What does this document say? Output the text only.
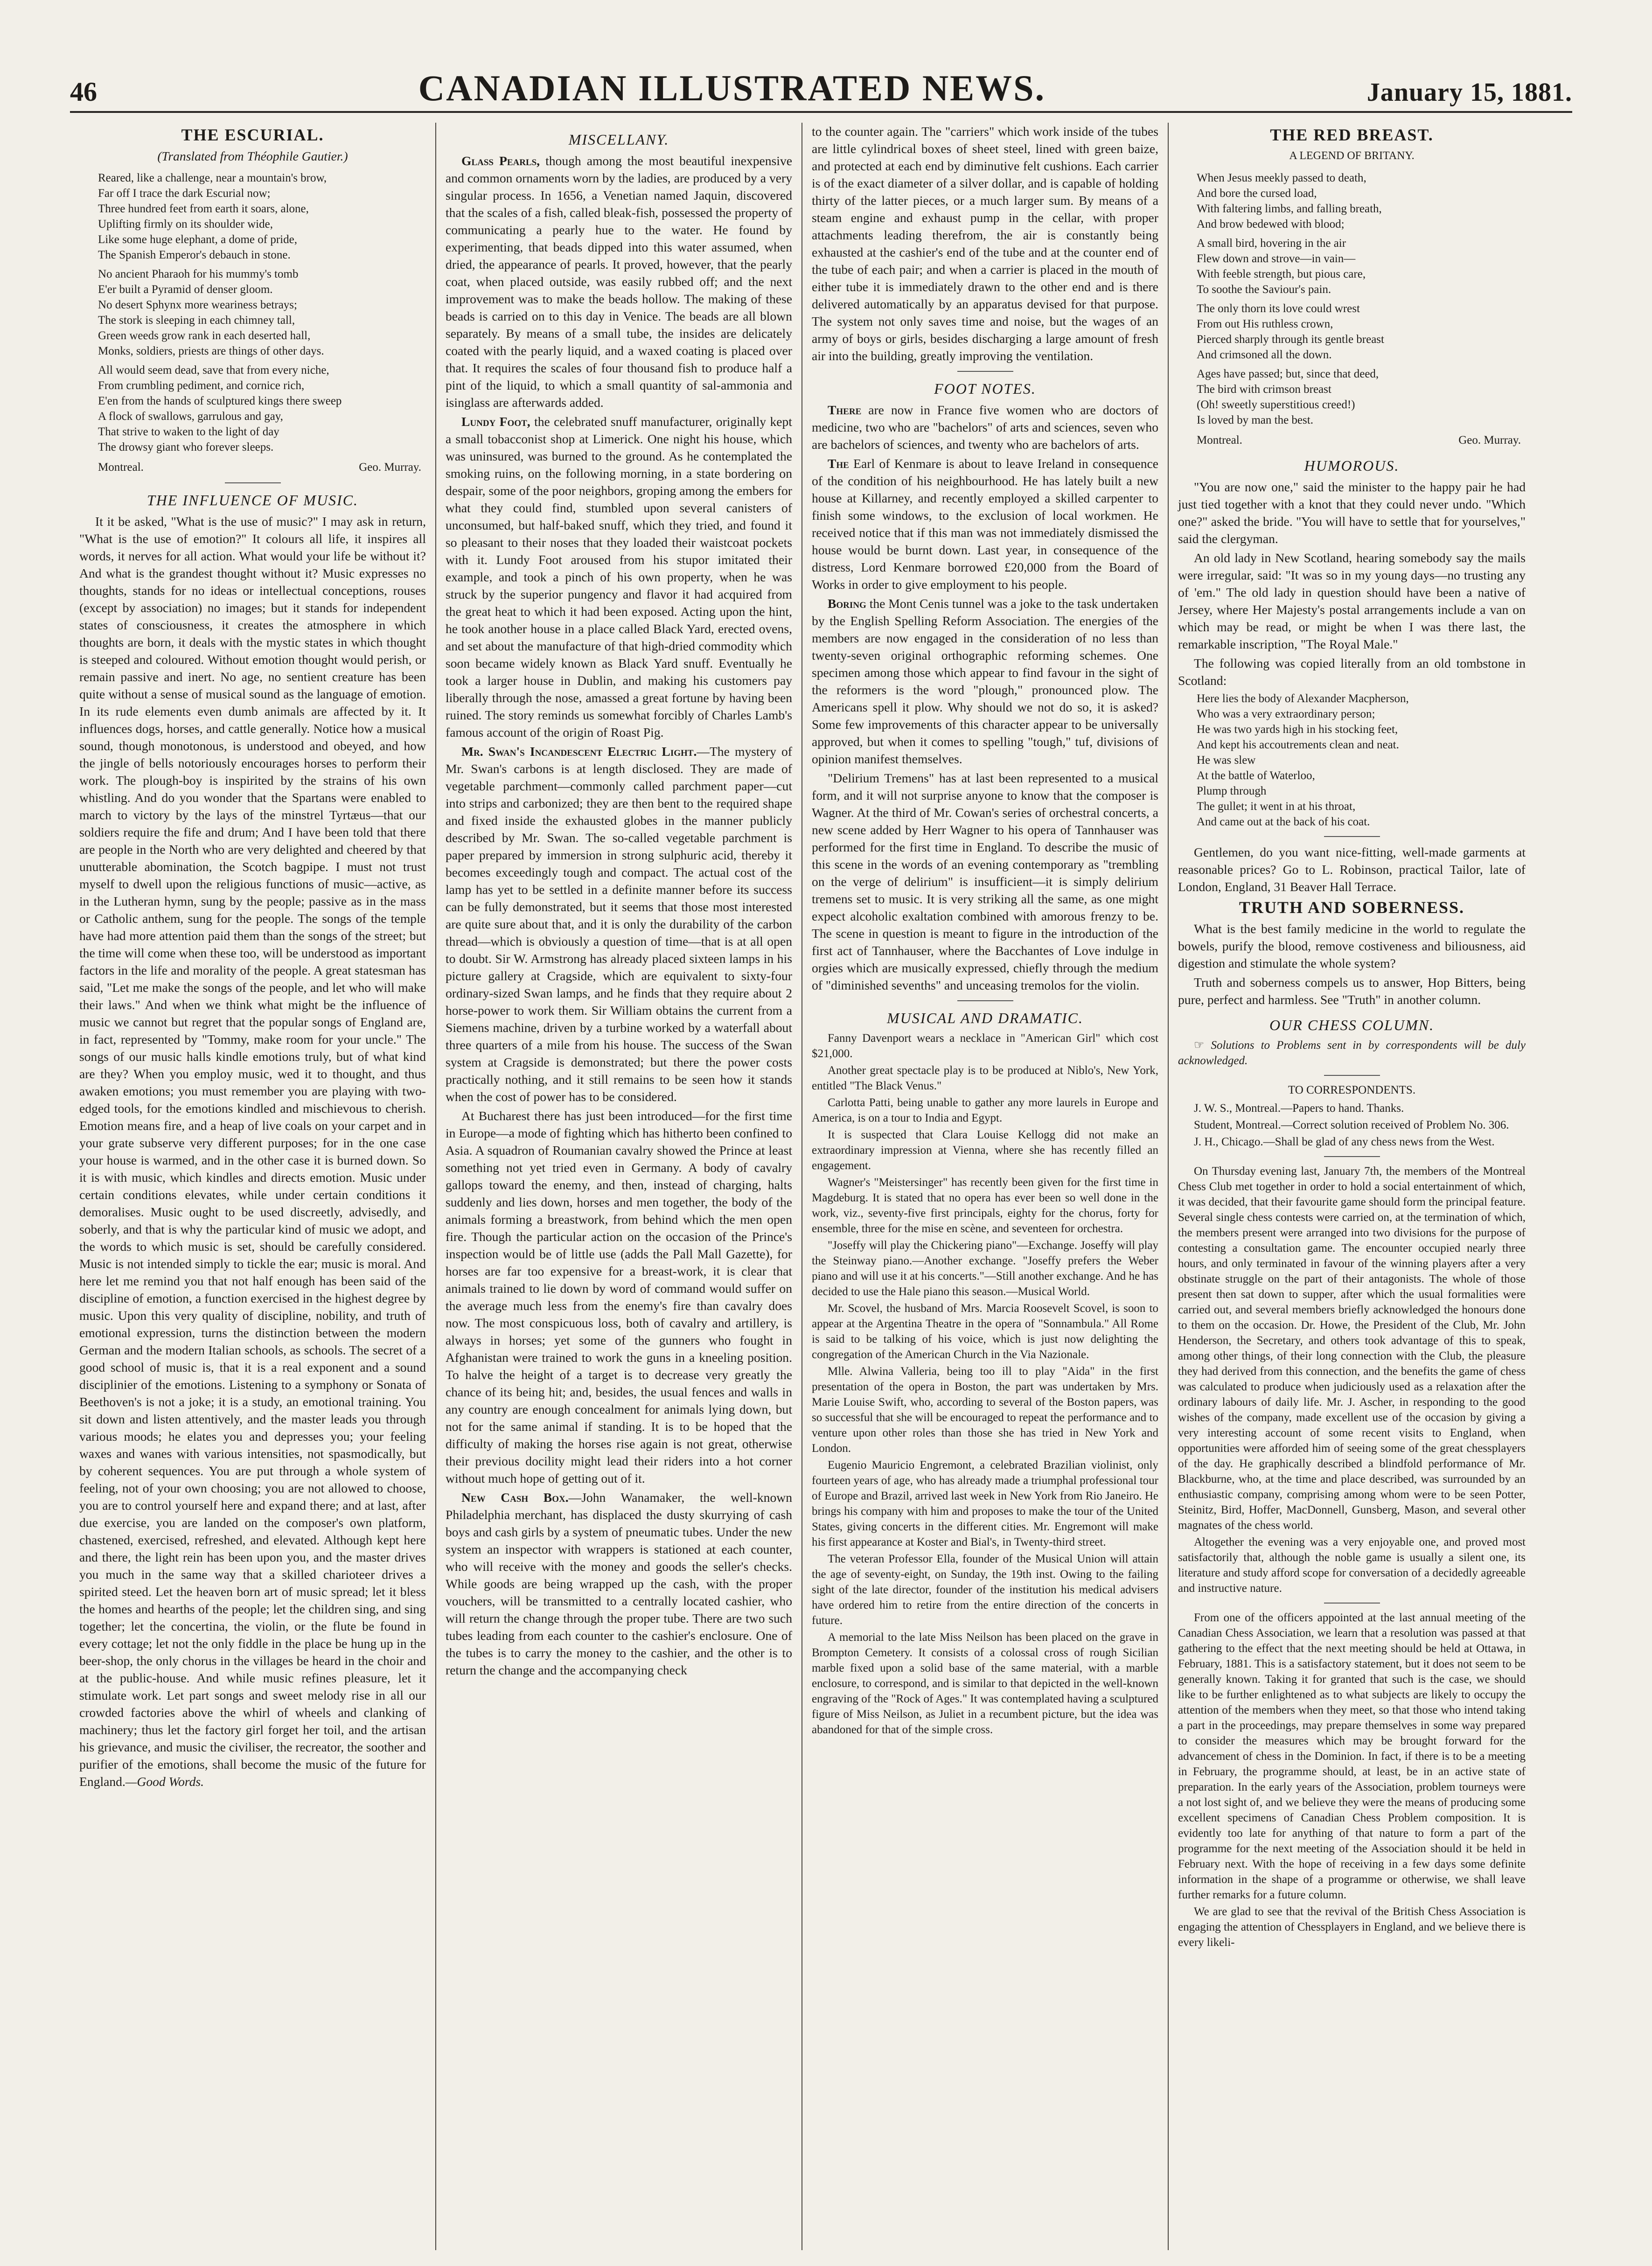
46	CANADIAN ILLUSTRATED NEWS.	January 15, 1881.
THE ESCURIAL.
(Translated from Théophile Gautier.)
Reared, like a challenge, near a mountain's brow,
Far off I trace the dark Escurial now;
Three hundred feet from earth it soars, alone,
Uplifting firmly on its shoulder wide,
Like some huge elephant, a dome of pride,
The Spanish Emperor's debauch in stone.
No ancient Pharaoh for his mummy's tomb
E'er built a Pyramid of denser gloom.
No desert Sphynx more weariness betrays;
The stork is sleeping in each chimney tall,
Green weeds grow rank in each deserted hall,
Monks, soldiers, priests are things of other days.
All would seem dead, save that from every niche,
From crumbling pediment, and cornice rich,
E'en from the hands of sculptured kings there sweep
A flock of swallows, garrulous and gay,
That strive to waken to the light of day
The drowsy giant who forever sleeps.
Montreal.	Geo. Murray.
THE INFLUENCE OF MUSIC.

It it be asked, "What is the use of music?" I may ask in return, "What is the use of emotion?" It colours all life, it inspires all words, it nerves for all action. What would your life be without it? And what is the grandest thought without it? Music expresses no thoughts, stands for no ideas or intellectual conceptions, rouses (except by association) no images; but it stands for independent states of consciousness, it creates the atmosphere in which thoughts are born, it deals with the mystic states in which thought is steeped and coloured. Without emotion thought would perish, or remain passive and inert. No age, no sentient creature has been quite without a sense of musical sound as the language of emotion. In its rude elements even dumb animals are affected by it. It influences dogs, horses, and cattle generally. Notice how a musical sound, though monotonous, is understood and obeyed, and how the jingle of bells notoriously encourages horses to perform their work. The plough-boy is inspirited by the strains of his own whistling. And do you wonder that the Spartans were enabled to march to victory by the lays of the minstrel Tyrtæus—that our soldiers require the fife and drum; And I have been told that there are people in the North who are very delighted and cheered by that unutterable abomination, the Scotch bagpipe. I must not trust myself to dwell upon the religious functions of music—active, as in the Lutheran hymn, sung by the people; passive as in the mass or Catholic anthem, sung for the people. The songs of the temple have had more attention paid them than the songs of the street; but the time will come when these too, will be understood as important factors in the life and morality of the people. A great statesman has said, "Let me make the songs of the people, and let who will make their laws." And when we think what might be the influence of music we cannot but regret that the popular songs of England are, in fact, represented by "Tommy, make room for your uncle." The songs of our music halls kindle emotions truly, but of what kind are they? When you employ music, wed it to thought, and thus awaken emotions; you must remember you are playing with two-edged tools, for the emotions kindled and mischievous to cherish. Emotion means fire, and a heap of live coals on your carpet and in your grate subserve very different purposes; for in the one case your house is warmed, and in the other case it is burned down. So it is with music, which kindles and directs emotion. Music under certain conditions elevates, while under certain conditions it demoralises. Music ought to be used discreetly, advisedly, and soberly, and that is why the particular kind of music we adopt, and the words to which music is set, should be carefully considered. Music is not intended simply to tickle the ear; music is moral. And here let me remind you that not half enough has been said of the discipline of emotion, a function exercised in the highest degree by music. Upon this very quality of discipline, nobility, and truth of emotional expression, turns the distinction between the modern German and the modern Italian schools, as schools. The secret of a good school of music is, that it is a real exponent and a sound disciplinier of the emotions. Listening to a symphony or Sonata of Beethoven's is not a joke; it is a study, an emotional training. You sit down and listen attentively, and the master leads you through various moods; he elates you and depresses you; your feeling waxes and wanes with various intensities, not spasmodically, but by coherent sequences. You are put through a whole system of feeling, not of your own choosing; you are not allowed to choose, you are to control yourself here and expand there; and at last, after due exercise, you are landed on the composer's own platform, chastened, exercised, refreshed, and elevated. Although kept here and there, the light rein has been upon you, and the master drives you much in the same way that a skilled charioteer drives a spirited steed. Let the heaven born art of music spread; let it bless the homes and hearths of the people; let the children sing, and sing together; let the concertina, the violin, or the flute be found in every cottage; let not the only fiddle in the place be hung up in the beer-shop, the only chorus in the villages be heard in the choir and at the public-house. And while music refines pleasure, let it stimulate work. Let part songs and sweet melody rise in all our crowded factories above the whirl of wheels and clanking of machinery; thus let the factory girl forget her toil, and the artisan his grievance, and music the civiliser, the recreator, the soother and purifier of the emotions, shall become the music of the future for England.—Good Words.

MISCELLANY.

Glass Pearls, though among the most beautiful inexpensive and common ornaments worn by the ladies, are produced by a very singular process. In 1656, a Venetian named Jaquin, discovered that the scales of a fish, called bleak-fish, possessed the property of communicating a pearly hue to the water. He found by experimenting, that beads dipped into this water assumed, when dried, the appearance of pearls. It proved, however, that the pearly coat, when placed outside, was easily rubbed off; and the next improvement was to make the beads hollow. The making of these beads is carried on to this day in Venice. The beads are all blown separately. By means of a small tube, the insides are delicately coated with the pearly liquid, and a waxed coating is placed over that. It requires the scales of four thousand fish to produce half a pint of the liquid, to which a small quantity of sal-ammonia and isinglass are afterwards added.

Lundy Foot, the celebrated snuff manufacturer, originally kept a small tobacconist shop at Limerick. One night his house, which was uninsured, was burned to the ground. As he contemplated the smoking ruins, on the following morning, in a state bordering on despair, some of the poor neighbors, groping among the embers for what they could find, stumbled upon several canisters of unconsumed, but half-baked snuff, which they tried, and found it so pleasant to their noses that they loaded their waistcoat pockets with it. Lundy Foot aroused from his stupor imitated their example, and took a pinch of his own property, when he was struck by the superior pungency and flavor it had acquired from the great heat to which it had been exposed. Acting upon the hint, he took another house in a place called Black Yard, erected ovens, and set about the manufacture of that high-dried commodity which soon became widely known as Black Yard snuff. Eventually he took a larger house in Dublin, and making his customers pay liberally through the nose, amassed a great fortune by having been ruined. The story reminds us somewhat forcibly of Charles Lamb's famous account of the origin of Roast Pig.

Mr. Swan's Incandescent Electric Light.—The mystery of Mr. Swan's carbons is at length disclosed. They are made of vegetable parchment—commonly called parchment paper—cut into strips and carbonized; they are then bent to the required shape and fixed inside the exhausted globes in the manner publicly described by Mr. Swan. The so-called vegetable parchment is paper prepared by immersion in strong sulphuric acid, thereby it becomes exceedingly tough and compact. The actual cost of the lamp has yet to be settled in a definite manner before its success can be fully demonstrated, but it seems that those most interested are quite sure about that, and it is only the durability of the carbon thread—which is obviously a question of time—that is at all open to doubt. Sir W. Armstrong has already placed sixteen lamps in his picture gallery at Cragside, which are equivalent to sixty-four ordinary-sized Swan lamps, and he finds that they require about 2 horse-power to work them. Sir William obtains the current from a Siemens machine, driven by a turbine worked by a waterfall about three quarters of a mile from his house. The success of the Swan system at Cragside is demonstrated; but there the power costs practically nothing, and it still remains to be seen how it stands when the cost of power has to be considered.

At Bucharest there has just been introduced—for the first time in Europe—a mode of fighting which has hitherto been confined to Asia. A squadron of Roumanian cavalry showed the Prince at least something not yet tried even in Germany. A body of cavalry gallops toward the enemy, and then, instead of charging, halts suddenly and lies down, horses and men together, the body of the animals forming a breastwork, from behind which the men open fire. Though the particular action on the occasion of the Prince's inspection would be of little use (adds the Pall Mall Gazette), for horses are far too expensive for a breast-work, it is clear that animals trained to lie down by word of command would suffer on the average much less from the enemy's fire than cavalry does now. The most conspicuous loss, both of cavalry and artillery, is always in horses; yet some of the gunners who fought in Afghanistan were trained to work the guns in a kneeling position. To halve the height of a target is to decrease very greatly the chance of its being hit; and, besides, the usual fences and walls in any country are enough concealment for animals lying down, but not for the same animal if standing. It is to be hoped that the difficulty of making the horses rise again is not great, otherwise their previous docility might lead their riders into a hot corner without much hope of getting out of it.

New Cash Box.—John Wanamaker, the well-known Philadelphia merchant, has displaced the dusty skurrying of cash boys and cash girls by a system of pneumatic tubes. Under the new system an inspector with wrappers is stationed at each counter, who will receive with the money and goods the seller's checks. While goods are being wrapped up the cash, with the proper vouchers, will be transmitted to a centrally located cashier, who will return the change through the proper tube. There are two such tubes leading from each counter to the cashier's enclosure. One of the tubes is to carry the money to the cashier, and the other is to return the change and the accompanying check

to the counter again. The "carriers" which work inside of the tubes are little cylindrical boxes of sheet steel, lined with green baize, and protected at each end by diminutive felt cushions. Each carrier is of the exact diameter of a silver dollar, and is capable of holding thirty of the latter pieces, or a much larger sum. By means of a steam engine and exhaust pump in the cellar, with proper attachments leading therefrom, the air is constantly being exhausted at the cashier's end of the tube and at the counter end of the tube of each pair; and when a carrier is placed in the mouth of either tube it is immediately drawn to the other end and is there delivered automatically by an apparatus devised for that purpose. The system not only saves time and noise, but the wages of an army of boys or girls, besides discharging a large amount of fresh air into the building, greatly improving the ventilation.

FOOT NOTES.

There are now in France five women who are doctors of medicine, two who are "bachelors" of arts and sciences, seven who are bachelors of sciences, and twenty who are bachelors of arts.

The Earl of Kenmare is about to leave Ireland in consequence of the condition of his neighbourhood. He has lately built a new house at Killarney, and recently employed a skilled carpenter to finish some windows, to the exclusion of local workmen. He received notice that if this man was not immediately dismissed the house would be burnt down. Last year, in consequence of the distress, Lord Kenmare borrowed £20,000 from the Board of Works in order to give employment to his people.

Boring the Mont Cenis tunnel was a joke to the task undertaken by the English Spelling Reform Association. The energies of the members are now engaged in the consideration of no less than twenty-seven original orthographic reforming schemes. One specimen among those which appear to find favour in the sight of the reformers is the word "plough," pronounced plow. The Americans spell it plow. Why should we not do so, it is asked? Some few improvements of this character appear to be universally approved, but when it comes to spelling "tough," tuf, divisions of opinion manifest themselves.

"Delirium Tremens" has at last been represented to a musical form, and it will not surprise anyone to know that the composer is Wagner. At the third of Mr. Cowan's series of orchestral concerts, a new scene added by Herr Wagner to his opera of Tannhauser was performed for the first time in England. To describe the music of this scene in the words of an evening contemporary as "trembling on the verge of delirium" is insufficient—it is simply delirium tremens set to music. It is very striking all the same, as one might expect alcoholic exaltation combined with amorous frenzy to be. The scene in question is meant to figure in the introduction of the first act of Tannhauser, where the Bacchantes of Love indulge in orgies which are musically expressed, chiefly through the medium of "diminished sevenths" and unceasing tremolos for the violin.

MUSICAL AND DRAMATIC.

Fanny Davenport wears a necklace in "American Girl" which cost $21,000.

Another great spectacle play is to be produced at Niblo's, New York, entitled "The Black Venus."

Carlotta Patti, being unable to gather any more laurels in Europe and America, is on a tour to India and Egypt.

It is suspected that Clara Louise Kellogg did not make an extraordinary impression at Vienna, where she has recently filled an engagement.

Wagner's "Meistersinger" has recently been given for the first time in Magdeburg. It is stated that no opera has ever been so well done in the work, viz., seventy-five first principals, eighty for the chorus, forty for ensemble, three for the mise en scène, and seventeen for orchestra.

"Joseffy will play the Chickering piano"—Exchange. Joseffy will play the Steinway piano.—Another exchange. "Joseffy prefers the Weber piano and will use it at his concerts."—Still another exchange. And he has decided to use the Hale piano this season.—Musical World.

Mr. Scovel, the husband of Mrs. Marcia Roosevelt Scovel, is soon to appear at the Argentina Theatre in the opera of "Sonnambula." All Rome is said to be talking of his voice, which is just now delighting the congregation of the American Church in the Via Nazionale.

Mlle. Alwina Valleria, being too ill to play "Aida" in the first presentation of the opera in Boston, the part was undertaken by Mrs. Marie Louise Swift, who, according to several of the Boston papers, was so successful that she will be encouraged to repeat the performance and to venture upon other roles than those she has tried in New York and London.

Eugenio Mauricio Engremont, a celebrated Brazilian violinist, only fourteen years of age, who has already made a triumphal professional tour of Europe and Brazil, arrived last week in New York from Rio Janeiro. He brings his company with him and proposes to make the tour of the United States, giving concerts in the different cities. Mr. Engremont will make his first appearance at Koster and Bial's, in Twenty-third street.

The veteran Professor Ella, founder of the Musical Union will attain the age of seventy-eight, on Sunday, the 19th inst. Owing to the failing sight of the late director, founder of the institution his medical advisers have ordered him to retire from the entire direction of the concerts in future.

A memorial to the late Miss Neilson has been placed on the grave in Brompton Cemetery. It consists of a colossal cross of rough Sicilian marble fixed upon a solid base of the same material, with a marble enclosure, to correspond, and is similar to that depicted in the well-known engraving of the "Rock of Ages." It was contemplated having a sculptured figure of Miss Neilson, as Juliet in a recumbent picture, but the idea was abandoned for that of the simple cross.

THE RED BREAST.
A LEGEND OF BRITANY.
When Jesus meekly passed to death,
And bore the cursed load,
With faltering limbs, and falling breath,
And brow bedewed with blood;
A small bird, hovering in the air
Flew down and strove—in vain—
With feeble strength, but pious care,
To soothe the Saviour's pain.
The only thorn its love could wrest
From out His ruthless crown,
Pierced sharply through its gentle breast
And crimsoned all the down.
Ages have passed; but, since that deed,
The bird with crimson breast
(Oh! sweetly superstitious creed!)
Is loved by man the best.
Montreal.	Geo. Murray.
HUMOROUS.

"You are now one," said the minister to the happy pair he had just tied together with a knot that they could never undo. "Which one?" asked the bride. "You will have to settle that for yourselves," said the clergyman.

An old lady in New Scotland, hearing somebody say the mails were irregular, said: "It was so in my young days—no trusting any of 'em." The old lady in question should have been a native of Jersey, where Her Majesty's postal arrangements include a van on which may be read, or might be when I was there last, the remarkable inscription, "The Royal Male."

The following was copied literally from an old tombstone in Scotland:

Here lies the body of Alexander Macpherson,
Who was a very extraordinary person;
He was two yards high in his stocking feet,
And kept his accoutrements clean and neat.
He was slew
At the battle of Waterloo,
Plump through
The gullet; it went in at his throat,
And came out at the back of his coat.

Gentlemen, do you want nice-fitting, well-made garments at reasonable prices? Go to L. Robinson, practical Tailor, late of London, England, 31 Beaver Hall Terrace.

TRUTH AND SOBERNESS.

What is the best family medicine in the world to regulate the bowels, purify the blood, remove costiveness and biliousness, aid digestion and stimulate the whole system?

Truth and soberness compels us to answer, Hop Bitters, being pure, perfect and harmless. See "Truth" in another column.

OUR CHESS COLUMN.

☞ Solutions to Problems sent in by correspondents will be duly acknowledged.

TO CORRESPONDENTS.

J. W. S., Montreal.—Papers to hand. Thanks.

Student, Montreal.—Correct solution received of Problem No. 306.

J. H., Chicago.—Shall be glad of any chess news from the West.

On Thursday evening last, January 7th, the members of the Montreal Chess Club met together in order to hold a social entertainment of which, it was decided, that their favourite game should form the principal feature. Several single chess contests were carried on, at the termination of which, the members present were arranged into two divisions for the purpose of contesting a consultation game. The encounter occupied nearly three hours, and only terminated in favour of the winning players after a very obstinate struggle on the part of their antagonists. The whole of those present then sat down to supper, after which the usual formalities were carried out, and several members briefly acknowledged the honours done to them on the occasion. Dr. Howe, the President of the Club, Mr. John Henderson, the Secretary, and others took advantage of this to speak, among other things, of their long connection with the Club, the pleasure they had derived from this connection, and the benefits the game of chess was calculated to produce when judiciously used as a relaxation after the ordinary labours of daily life. Mr. J. Ascher, in responding to the good wishes of the company, made excellent use of the occasion by giving a very interesting account of some recent visits to England, when opportunities were afforded him of seeing some of the great chessplayers of the day. He graphically described a blindfold performance of Mr. Blackburne, who, at the time and place described, was surrounded by an enthusiastic company, comprising among whom were to be seen Potter, Steinitz, Bird, Hoffer, MacDonnell, Gunsberg, Mason, and several other magnates of the chess world.

Altogether the evening was a very enjoyable one, and proved most satisfactorily that, although the noble game is usually a silent one, its literature and study afford scope for conversation of a decidedly agreeable and instructive nature.

From one of the officers appointed at the last annual meeting of the Canadian Chess Association, we learn that a resolution was passed at that gathering to the effect that the next meeting should be held at Ottawa, in February, 1881. This is a satisfactory statement, but it does not seem to be generally known. Taking it for granted that such is the case, we should like to be further enlightened as to what subjects are likely to occupy the attention of the members when they meet, so that those who intend taking a part in the proceedings, may prepare themselves in some way prepared to consider the measures which may be brought forward for the advancement of chess in the Dominion. In fact, if there is to be a meeting in February, the programme should, at least, be in an active state of preparation. In the early years of the Association, problem tourneys were a not lost sight of, and we believe they were the means of producing some excellent specimens of Canadian Chess Problem composition. It is evidently too late for anything of that nature to form a part of the programme for the next meeting of the Association should it be held in February next. With the hope of receiving in a few days some definite information in the shape of a programme or otherwise, we shall leave further remarks for a future column.

We are glad to see that the revival of the British Chess Association is engaging the attention of Chessplayers in England, and we believe there is every likeli-
